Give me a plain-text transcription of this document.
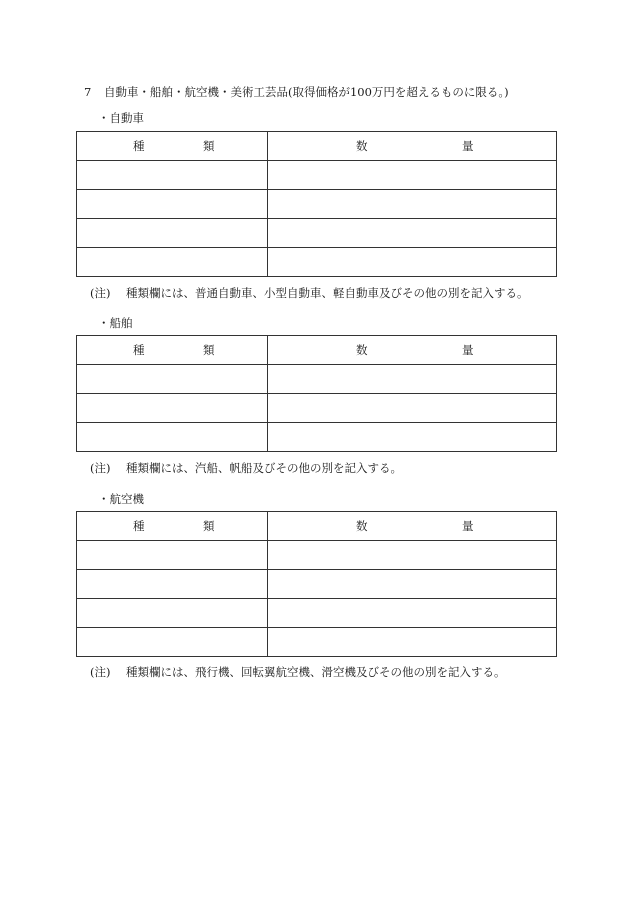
7 自動車・船舶・航空機・美術工芸品(取得価格が100万円を超えるものに限る。)
・自動車
種 類	数 量

(注) 種類欄には、普通自動車、小型自動車、軽自動車及びその他の別を記入する。
・船舶
種 類	数 量

(注) 種類欄には、汽船、帆船及びその他の別を記入する。
・航空機
種 類	数 量

(注) 種類欄には、飛行機、回転翼航空機、滑空機及びその他の別を記入する。
